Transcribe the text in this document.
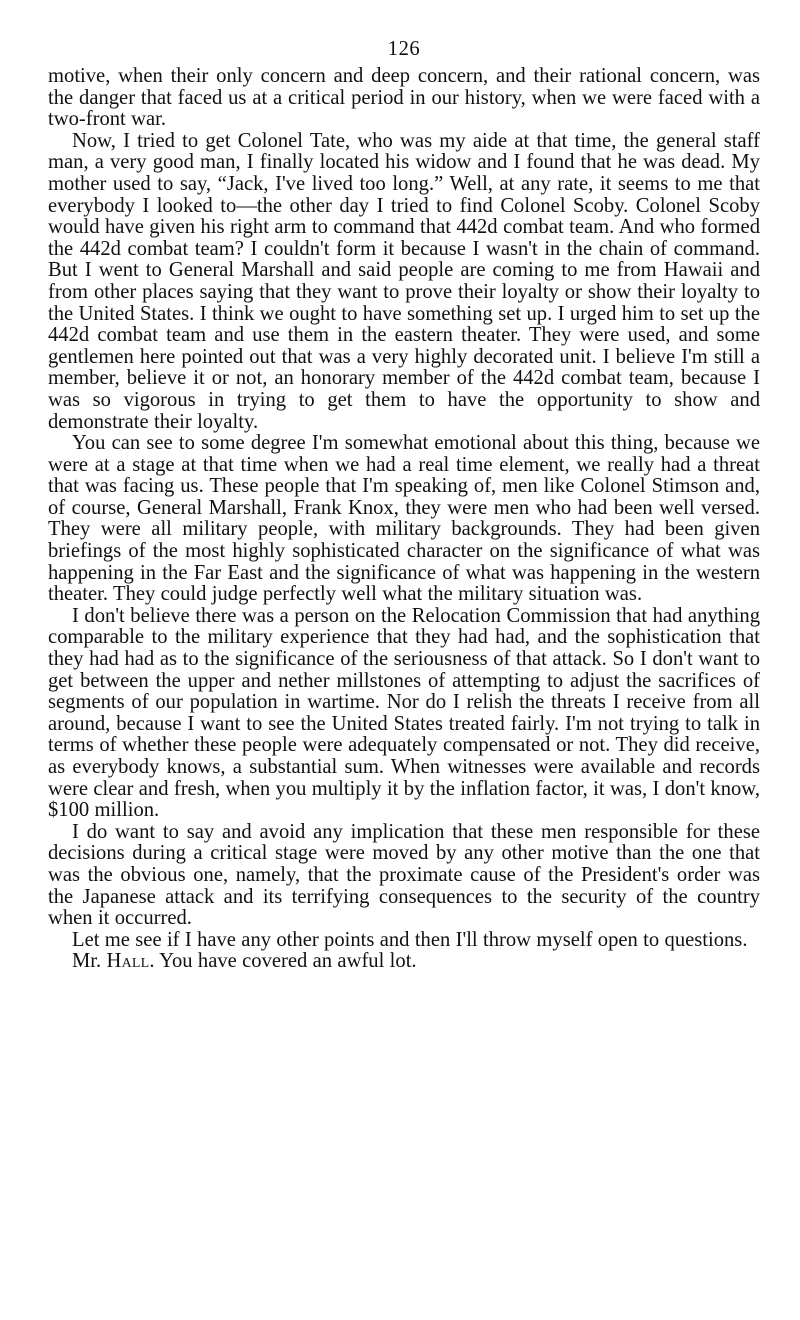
126

motive, when their only concern and deep concern, and their rational concern, was the danger that faced us at a critical period in our history, when we were faced with a two-front war.

Now, I tried to get Colonel Tate, who was my aide at that time, the general staff man, a very good man, I finally located his widow and I found that he was dead. My mother used to say, “Jack, I've lived too long.” Well, at any rate, it seems to me that everybody I looked to—the other day I tried to find Colonel Scoby. Colonel Scoby would have given his right arm to command that 442d combat team. And who formed the 442d combat team? I couldn't form it because I wasn't in the chain of command. But I went to General Marshall and said people are coming to me from Hawaii and from other places saying that they want to prove their loyalty or show their loyalty to the United States. I think we ought to have something set up. I urged him to set up the 442d combat team and use them in the eastern theater. They were used, and some gentlemen here pointed out that was a very highly decorated unit. I believe I'm still a member, believe it or not, an honorary member of the 442d combat team, because I was so vigorous in trying to get them to have the opportunity to show and demonstrate their loyalty.

You can see to some degree I'm somewhat emotional about this thing, because we were at a stage at that time when we had a real time element, we really had a threat that was facing us. These people that I'm speaking of, men like Colonel Stimson and, of course, General Marshall, Frank Knox, they were men who had been well versed. They were all military people, with military backgrounds. They had been given briefings of the most highly sophisticated character on the significance of what was happening in the Far East and the significance of what was happening in the western theater. They could judge perfectly well what the military situation was.

I don't believe there was a person on the Relocation Commission that had anything comparable to the military experience that they had had, and the sophistication that they had had as to the significance of the seriousness of that attack. So I don't want to get between the upper and nether millstones of attempting to adjust the sacrifices of segments of our population in wartime. Nor do I relish the threats I receive from all around, because I want to see the United States treated fairly. I'm not trying to talk in terms of whether these people were adequately compensated or not. They did receive, as everybody knows, a substantial sum. When witnesses were available and records were clear and fresh, when you multiply it by the inflation factor, it was, I don't know, $100 million.

I do want to say and avoid any implication that these men responsible for these decisions during a critical stage were moved by any other motive than the one that was the obvious one, namely, that the proximate cause of the President's order was the Japanese attack and its terrifying consequences to the security of the country when it occurred.

Let me see if I have any other points and then I'll throw myself open to questions.

Mr. Hall. You have covered an awful lot.
